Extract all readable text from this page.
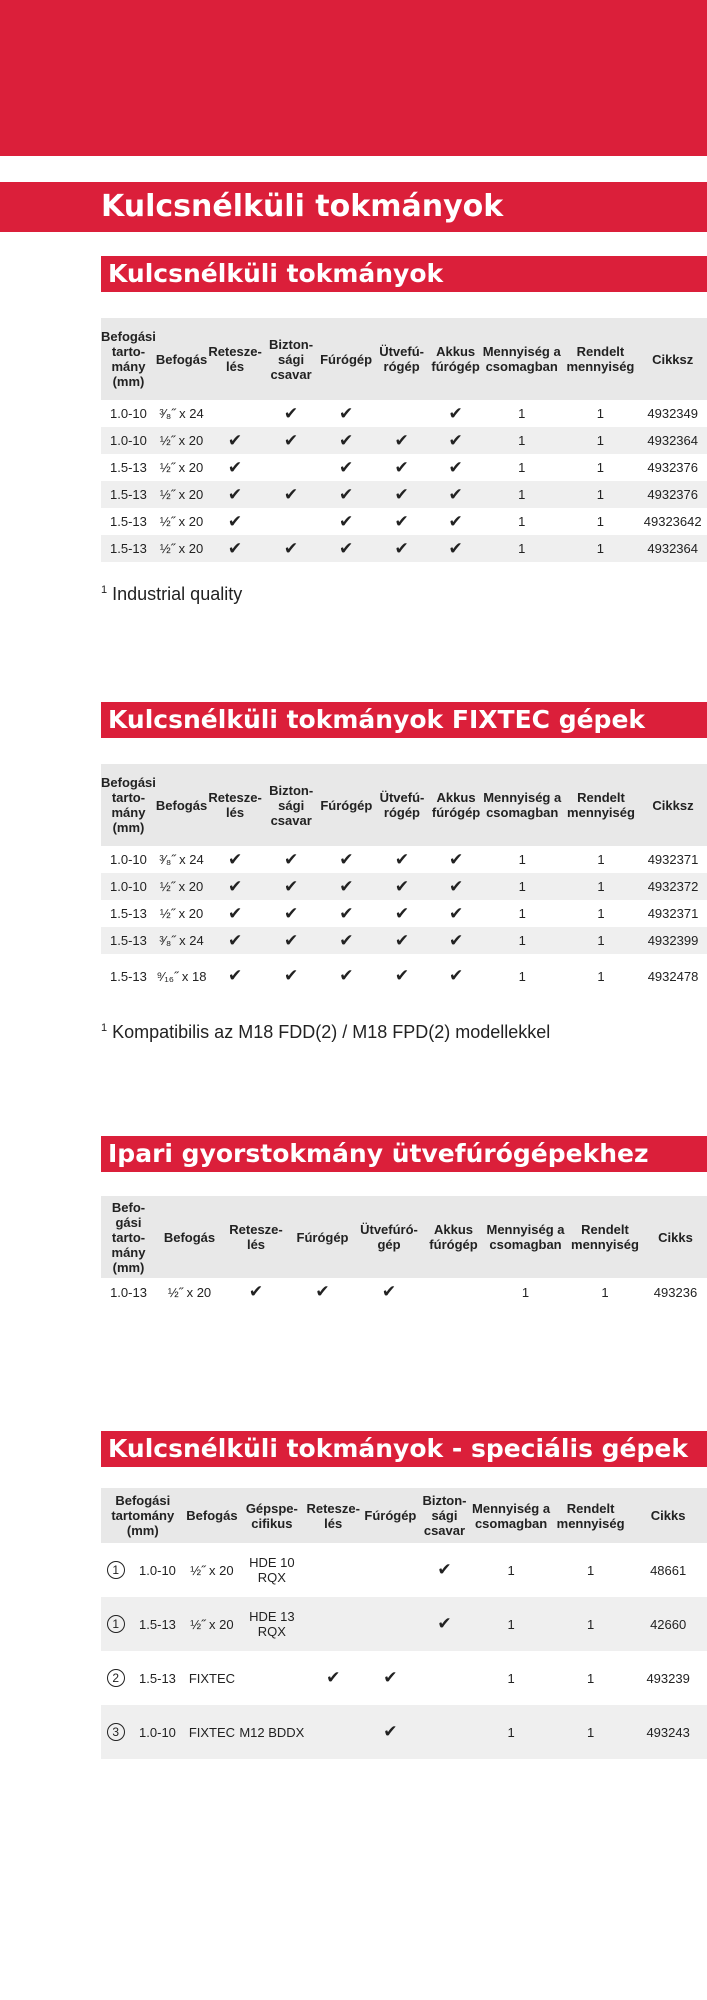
Kulcsnélküli tokmányok
Kulcsnélküli tokmányok
Befogási
tarto-
mány
(mm)	Befogás	Retesze-
lés	Bizton-
sági
csavar	Fúrógép	Ütvefú-
rógép	Akkus
fúrógép	Mennyiség a
csomagban	Rendelt
mennyiség	Cikksz
1.0-10	³⁄₈˝ x 24		✔	✔		✔	1	1	4932349
1.0-10	½˝ x 20	✔	✔	✔	✔	✔	1	1	4932364
1.5-13	½˝ x 20	✔		✔	✔	✔	1	1	4932376
1.5-13	½˝ x 20	✔	✔	✔	✔	✔	1	1	4932376
1.5-13	½˝ x 20	✔		✔	✔	✔	1	1	49323642
1.5-13	½˝ x 20	✔	✔	✔	✔	✔	1	1	4932364
$^1$ Industrial quality
Kulcsnélküli tokmányok FIXTEC gépek
Befogási
tarto-
mány
(mm)	Befogás	Retesze-
lés	Bizton-
sági
csavar	Fúrógép	Ütvefú-
rógép	Akkus
fúrógép	Mennyiség a
csomagban	Rendelt
mennyiség	Cikksz
1.0-10	³⁄₈˝ x 24	✔	✔	✔	✔	✔	1	1	4932371
1.0-10	½˝ x 20	✔	✔	✔	✔	✔	1	1	4932372
1.5-13	½˝ x 20	✔	✔	✔	✔	✔	1	1	4932371
1.5-13	³⁄₈˝ x 24	✔	✔	✔	✔	✔	1	1	4932399
1.5-13	⁹⁄₁₆˝ x 18	✔	✔	✔	✔	✔	1	1	4932478
$^1$ Kompatibilis az M18 FDD(2) / M18 FPD(2) modellekkel
Ipari gyorstokmány ütvefúrógépekhez
Befo-
gási
tarto-
mány
(mm)	Befogás	Retesze-
lés	Fúrógép	Ütvefúró-
gép	Akkus
fúrógép	Mennyiség a
csomagban	Rendelt
mennyiség	Cikks
1.0-13	½˝ x 20	✔	✔	✔		1	1	493236
Kulcsnélküli tokmányok - speciális gépek
Befogási
tartomány
(mm)		Befogás	Gépspe-
cifikus	Retesze-
lés	Fúrógép	Bizton-
sági
csavar	Mennyiség a
csomagban	Rendelt
mennyiség	Cikks
1	1.0-10	½˝ x 20	HDE 10
RQX			✔	1	1	48661
1	1.5-13	½˝ x 20	HDE 13
RQX			✔	1	1	42660
2	1.5-13	FIXTEC		✔	✔		1	1	493239
3	1.0-10	FIXTEC	M12 BDDX		✔		1	1	493243
